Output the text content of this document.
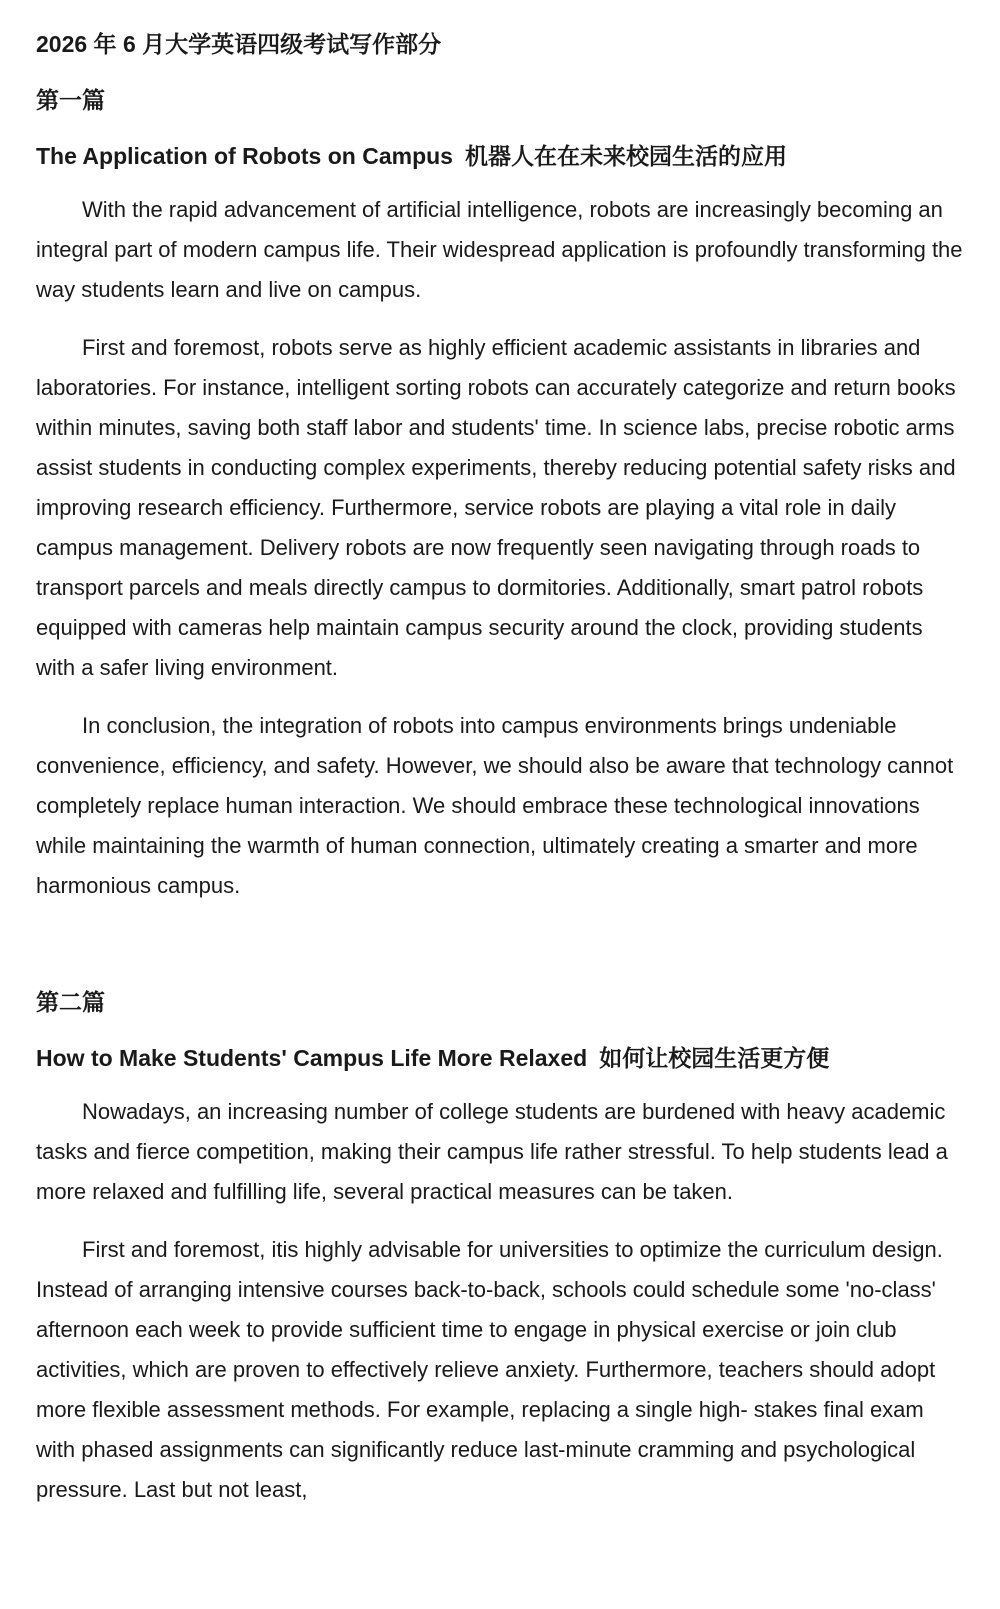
2026 年 6 月大学英语四级考试写作部分
第一篇
The Application of Robots on Campus 机器人在在未来校园生活的应用

With the rapid advancement of artificial intelligence, robots are increasingly becoming an integral part of modern campus life. Their widespread application is profoundly transforming the way students learn and live on campus.

First and foremost, robots serve as highly efficient academic assistants in libraries and laboratories. For instance, intelligent sorting robots can accurately categorize and return books within minutes, saving both staff labor and students' time. In science labs, precise robotic arms assist students in conducting complex experiments, thereby reducing potential safety risks and improving research efficiency. Furthermore, service robots are playing a vital role in daily campus management. Delivery robots are now frequently seen navigating through roads to transport parcels and meals directly campus to dormitories. Additionally, smart patrol robots equipped with cameras help maintain campus security around the clock, providing students with a safer living environment.

In conclusion, the integration of robots into campus environments brings undeniable convenience, efficiency, and safety. However, we should also be aware that technology cannot completely replace human interaction. We should embrace these technological innovations while maintaining the warmth of human connection, ultimately creating a smarter and more harmonious campus.

第二篇
How to Make Students' Campus Life More Relaxed 如何让校园生活更方便

Nowadays, an increasing number of college students are burdened with heavy academic tasks and fierce competition, making their campus life rather stressful. To help students lead a more relaxed and fulfilling life, several practical measures can be taken.

First and foremost, itis highly advisable for universities to optimize the curriculum design. Instead of arranging intensive courses back-to-back, schools could schedule some 'no-class' afternoon each week to provide sufficient time to engage in physical exercise or join club activities, which are proven to effectively relieve anxiety. Furthermore, teachers should adopt more flexible assessment methods. For example, replacing a single high- stakes final exam with phased assignments can significantly reduce last-minute cramming and psychological pressure. Last but not least,
